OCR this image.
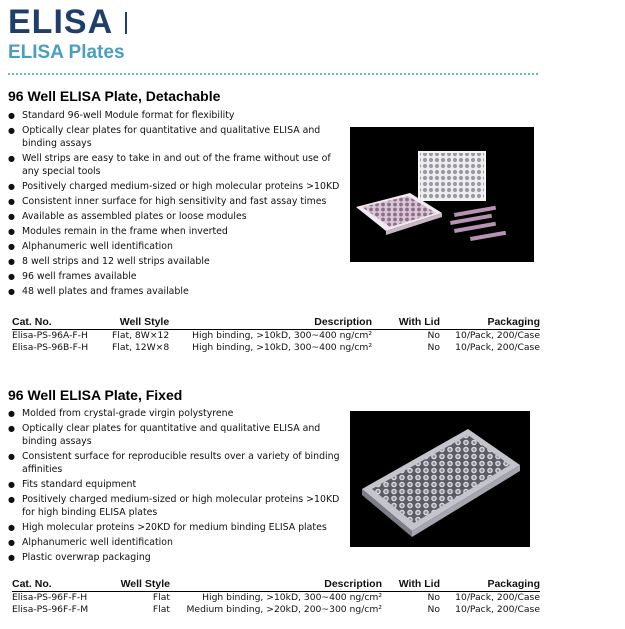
ELISA
ELISA Plates
96 Well ELISA Plate, Detachable
● Standard 96-well Module format for flexibility
● Optically clear plates for quantitative and qualitative ELISA and binding assays
● Well strips are easy to take in and out of the frame without use of any special tools
● Positively charged medium-sized or high molecular proteins >10KD
● Consistent inner surface for high sensitivity and fast assay times
● Available as assembled plates or loose modules
● Modules remain in the frame when inverted
● Alphanumeric well identification
● 8 well strips and 12 well strips available
● 96 well frames available
● 48 well plates and frames available
Cat. No.	Well Style	Description	With Lid	Packaging
Elisa-PS-96A-F-H	Flat, 8W×12	High binding, >10kD, 300~400 ng/cm²	No	10/Pack, 200/Case
Elisa-PS-96B-F-H	Flat, 12W×8	High binding, >10kD, 300~400 ng/cm²	No	10/Pack, 200/Case
96 Well ELISA Plate, Fixed
● Molded from crystal-grade virgin polystyrene
● Optically clear plates for quantitative and qualitative ELISA and binding assays
● Consistent surface for reproducible results over a variety of binding affinities
● Fits standard equipment
● Positively charged medium-sized or high molecular proteins >10KD for high binding ELISA plates
● High molecular proteins >20KD for medium binding ELISA plates
● Alphanumeric well identification
● Plastic overwrap packaging
Cat. No.	Well Style	Description	With Lid	Packaging
Elisa-PS-96F-F-H	Flat	High binding, >10kD, 300~400 ng/cm²	No	10/Pack, 200/Case
Elisa-PS-96F-F-M	Flat	Medium binding, >20kD, 200~300 ng/cm²	No	10/Pack, 200/Case
